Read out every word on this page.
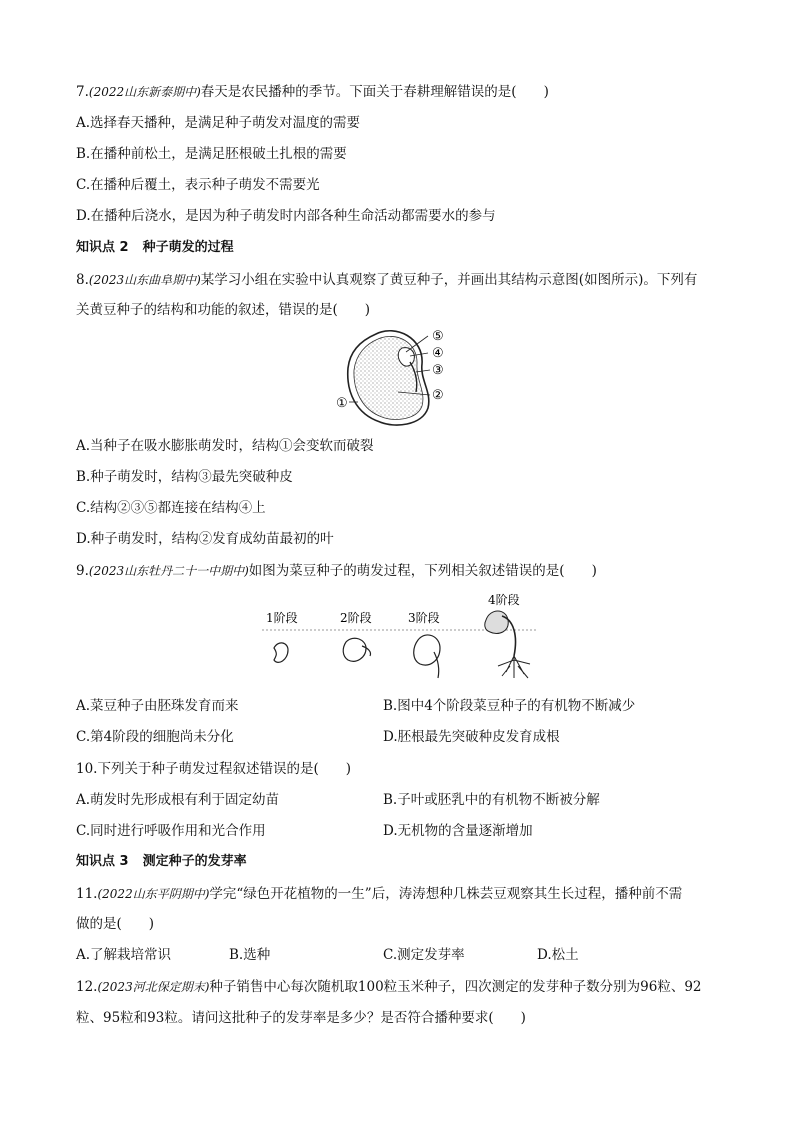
7.(2022山东新泰期中)春天是农民播种的季节。下面关于春耕理解错误的是(　　)
A.选择春天播种，是满足种子萌发对温度的需要
B.在播种前松土，是满足胚根破土扎根的需要
C.在播种后覆土，表示种子萌发不需要光
D.在播种后浇水，是因为种子萌发时内部各种生命活动都需要水的参与
知识点 2 种子萌发的过程
8.(2023山东曲阜期中)某学习小组在实验中认真观察了黄豆种子，并画出其结构示意图(如图所示)。下列有
关黄豆种子的结构和功能的叙述，错误的是(　　)
⑤
④
③
②
①
A.当种子在吸水膨胀萌发时，结构①会变软而破裂
B.种子萌发时，结构③最先突破种皮
C.结构②③⑤都连接在结构④上
D.种子萌发时，结构②发育成幼苗最初的叶
9.(2023山东牡丹二十一中期中)如图为菜豆种子的萌发过程，下列相关叙述错误的是(　　)
1阶段	2阶段	3阶段
4阶段
A.菜豆种子由胚珠发育而来	B.图中4个阶段菜豆种子的有机物不断减少
C.第4阶段的细胞尚未分化	D.胚根最先突破种皮发育成根
10.下列关于种子萌发过程叙述错误的是(　　)
A.萌发时先形成根有利于固定幼苗	B.子叶或胚乳中的有机物不断被分解
C.同时进行呼吸作用和光合作用	D.无机物的含量逐渐增加
知识点 3 测定种子的发芽率
11.(2022山东平阴期中)学完“绿色开花植物的一生”后，涛涛想种几株芸豆观察其生长过程，播种前不需
做的是(　　)
A.了解栽培常识	B.选种	C.测定发芽率	D.松土
12.(2023河北保定期末)种子销售中心每次随机取100粒玉米种子，四次测定的发芽种子数分别为96粒、92
粒、95粒和93粒。请问这批种子的发芽率是多少？是否符合播种要求(　　)
